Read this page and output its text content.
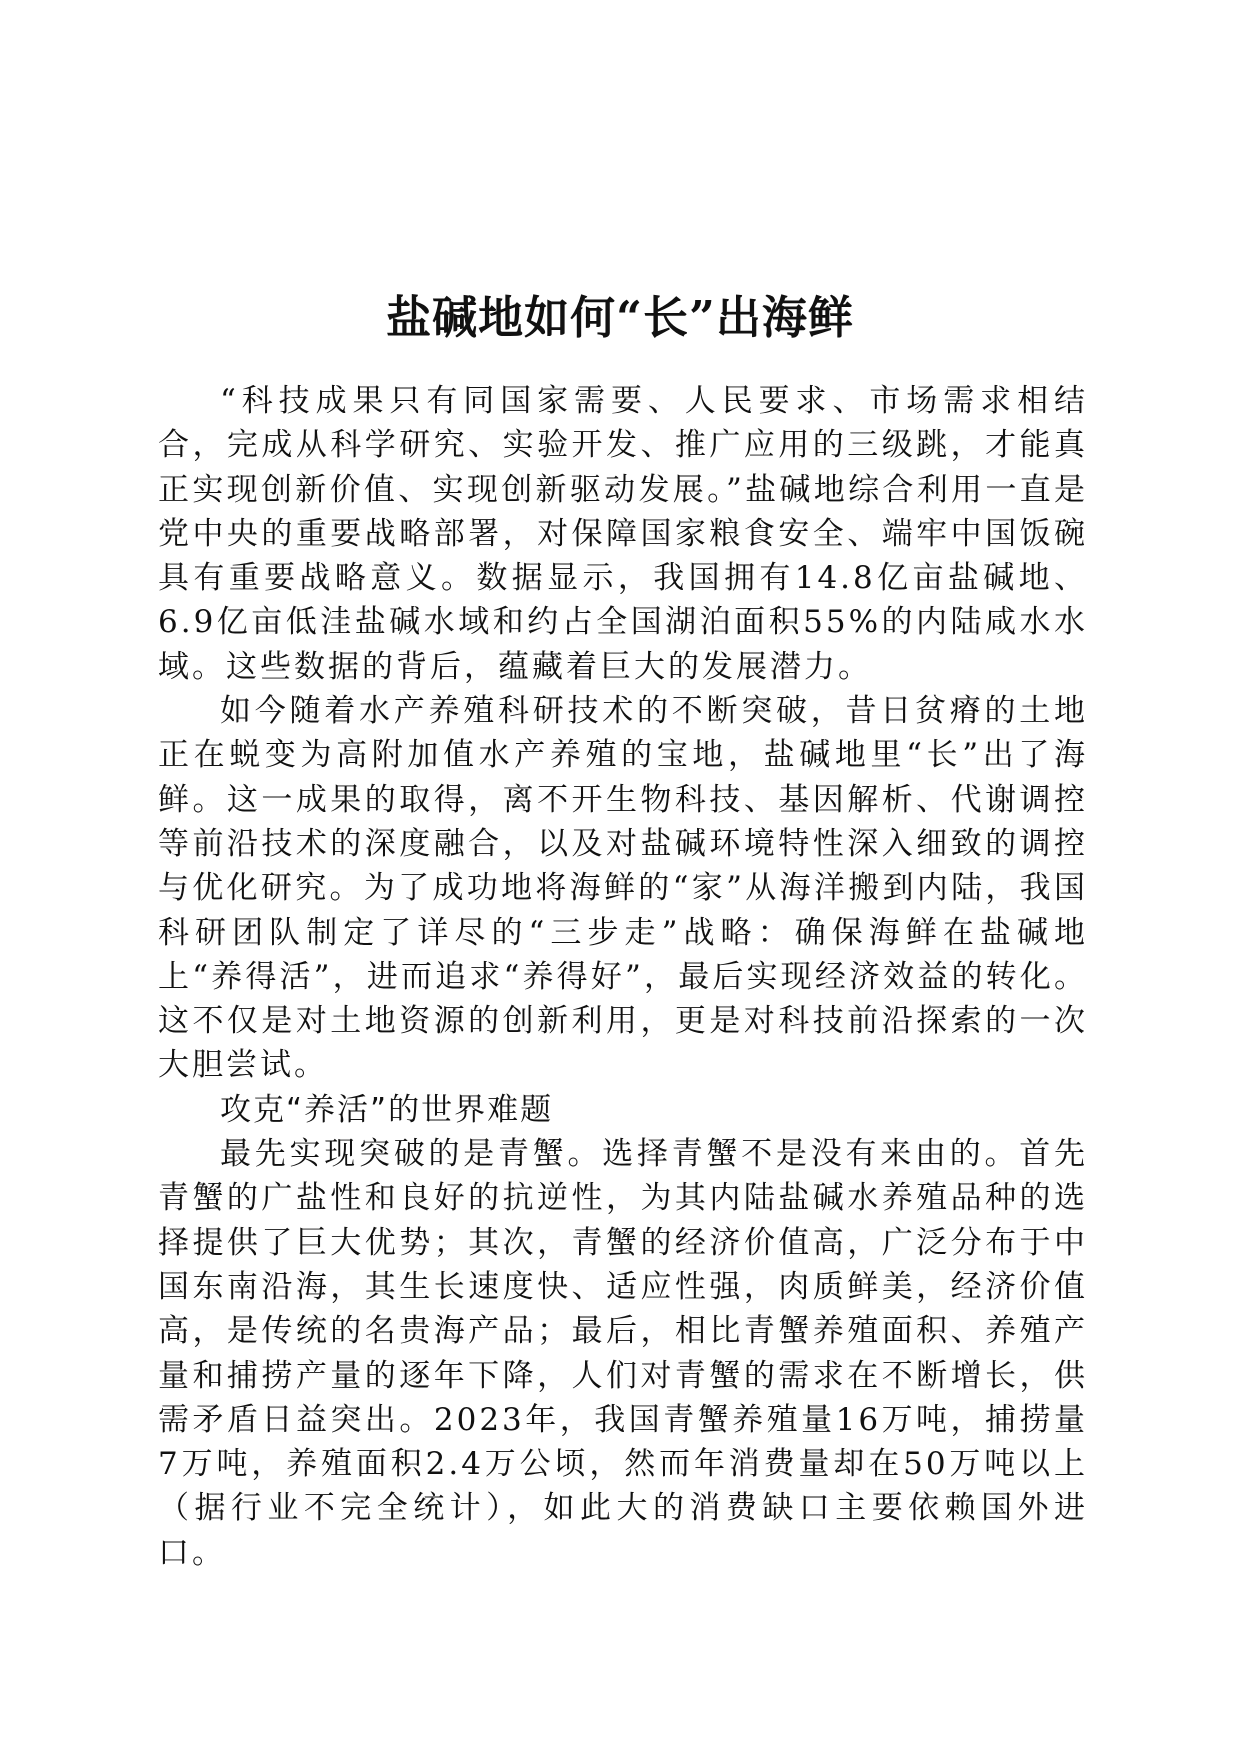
盐碱地如何“长”出海鲜

“科技成果只有同国家需要、人民要求、市场需求相结合，完成从科学研究、实验开发、推广应用的三级跳，才能真正实现创新价值、实现创新驱动发展。”盐碱地综合利用一直是党中央的重要战略部署，对保障国家粮食安全、端牢中国饭碗具有重要战略意义。数据显示，我国拥有14.8亿亩盐碱地、6.9亿亩低洼盐碱水域和约占全国湖泊面积55%的内陆咸水水域。这些数据的背后，蕴藏着巨大的发展潜力。

如今随着水产养殖科研技术的不断突破，昔日贫瘠的土地正在蜕变为高附加值水产养殖的宝地，盐碱地里“长”出了海鲜。这一成果的取得，离不开生物科技、基因解析、代谢调控等前沿技术的深度融合，以及对盐碱环境特性深入细致的调控与优化研究。为了成功地将海鲜的“家”从海洋搬到内陆，我国科研团队制定了详尽的“三步走”战略：确保海鲜在盐碱地上“养得活”，进而追求“养得好”，最后实现经济效益的转化。这不仅是对土地资源的创新利用，更是对科技前沿探索的一次大胆尝试。

攻克“养活”的世界难题

最先实现突破的是青蟹。选择青蟹不是没有来由的。首先青蟹的广盐性和良好的抗逆性，为其内陆盐碱水养殖品种的选择提供了巨大优势；其次，青蟹的经济价值高，广泛分布于中国东南沿海，其生长速度快、适应性强，肉质鲜美，经济价值高，是传统的名贵海产品；最后，相比青蟹养殖面积、养殖产量和捕捞产量的逐年下降，人们对青蟹的需求在不断增长，供需矛盾日益突出。2023年，我国青蟹养殖量16万吨，捕捞量7万吨，养殖面积2.4万公顷，然而年消费量却在50万吨以上（据行业不完全统计），如此大的消费缺口主要依赖国外进口。
